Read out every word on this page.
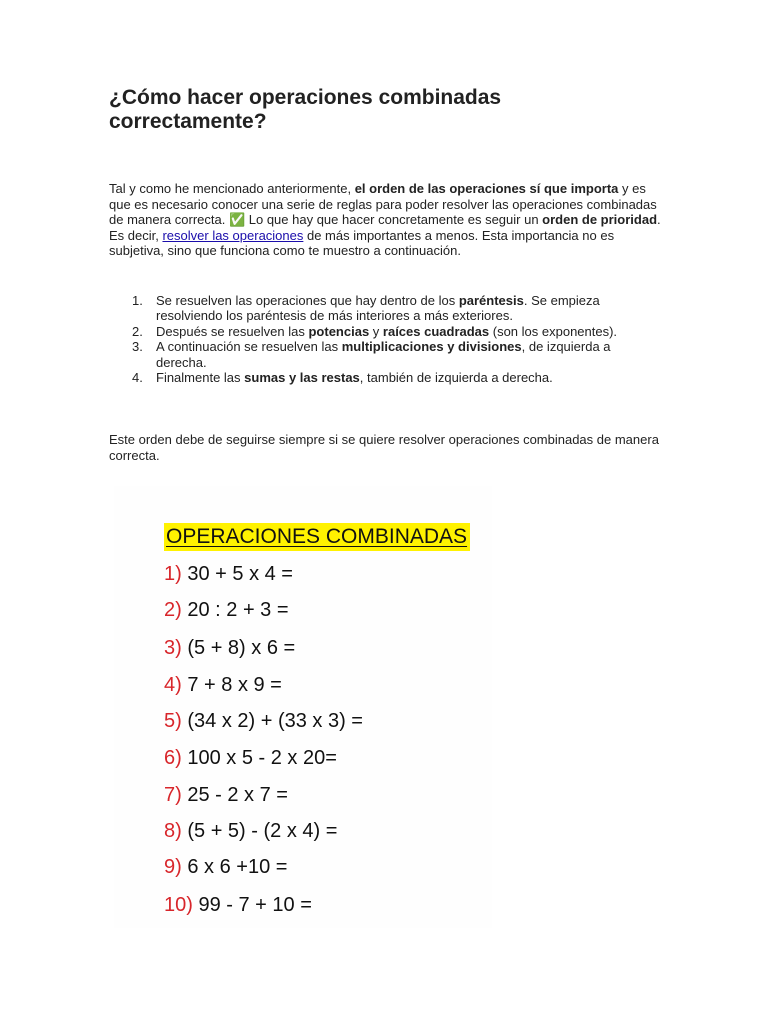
¿Cómo hacer operaciones combinadas correctamente?

Tal y como he mencionado anteriormente, el orden de las operaciones sí que importa y es que es necesario conocer una serie de reglas para poder resolver las operaciones combinadas de manera correcta. ✅ Lo que hay que hacer concretamente es seguir un orden de prioridad. Es decir, resolver las operaciones de más importantes a menos. Esta importancia no es subjetiva, sino que funciona como te muestro a continuación.

1. Se resuelven las operaciones que hay dentro de los paréntesis. Se empieza resolviendo los paréntesis de más interiores a más exteriores.
2. Después se resuelven las potencias y raíces cuadradas (son los exponentes).
3. A continuación se resuelven las multiplicaciones y divisiones, de izquierda a derecha.
4. Finalmente las sumas y las restas, también de izquierda a derecha.

Este orden debe de seguirse siempre si se quiere resolver operaciones combinadas de manera correcta.

OPERACIONES COMBINADAS
1) 30 + 5 x 4 =
2) 20 : 2 + 3 =
3) (5 + 8) x 6 =
4) 7 + 8 x 9 =
5) (34 x 2) + (33 x 3) =
6) 100 x 5 - 2 x 20=
7) 25 - 2 x 7 =
8) (5 + 5) - (2 x 4) =
9) 6 x 6 +10 =
10) 99 - 7 + 10 =
